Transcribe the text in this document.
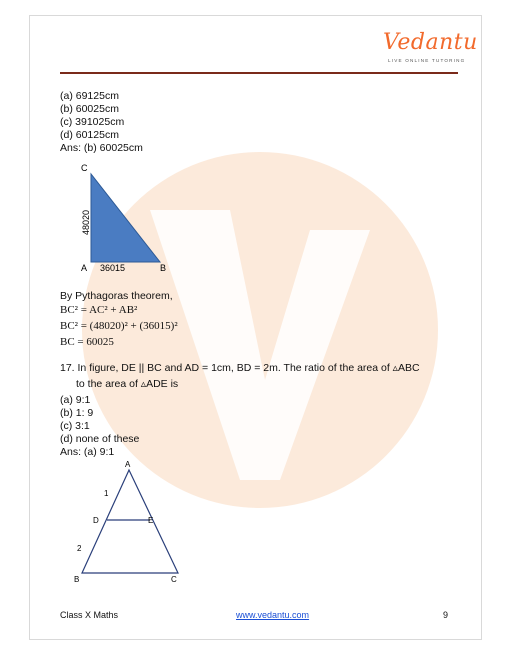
Vedantu
LIVE ONLINE TUTORING
(a) 69125cm
(b) 60025cm
(c) 391025cm
(d) 60125cm
Ans: (b) 60025cm
C
A	B
36015
48020
By Pythagoras theorem,
BC² = AC² + AB²
BC² = (48020)² + (36015)²
BC = 60025
17. In figure, DE || BC and AD = 1cm, BD = 2m. The ratio of the area of ▵ABC
to the area of ▵ADE is
(a) 9:1
(b) 1: 9
(c) 3:1
(d) none of these
Ans: (a) 9:1
A
D	E
B	C
1
2
Class X Maths	www.vedantu.com	9
